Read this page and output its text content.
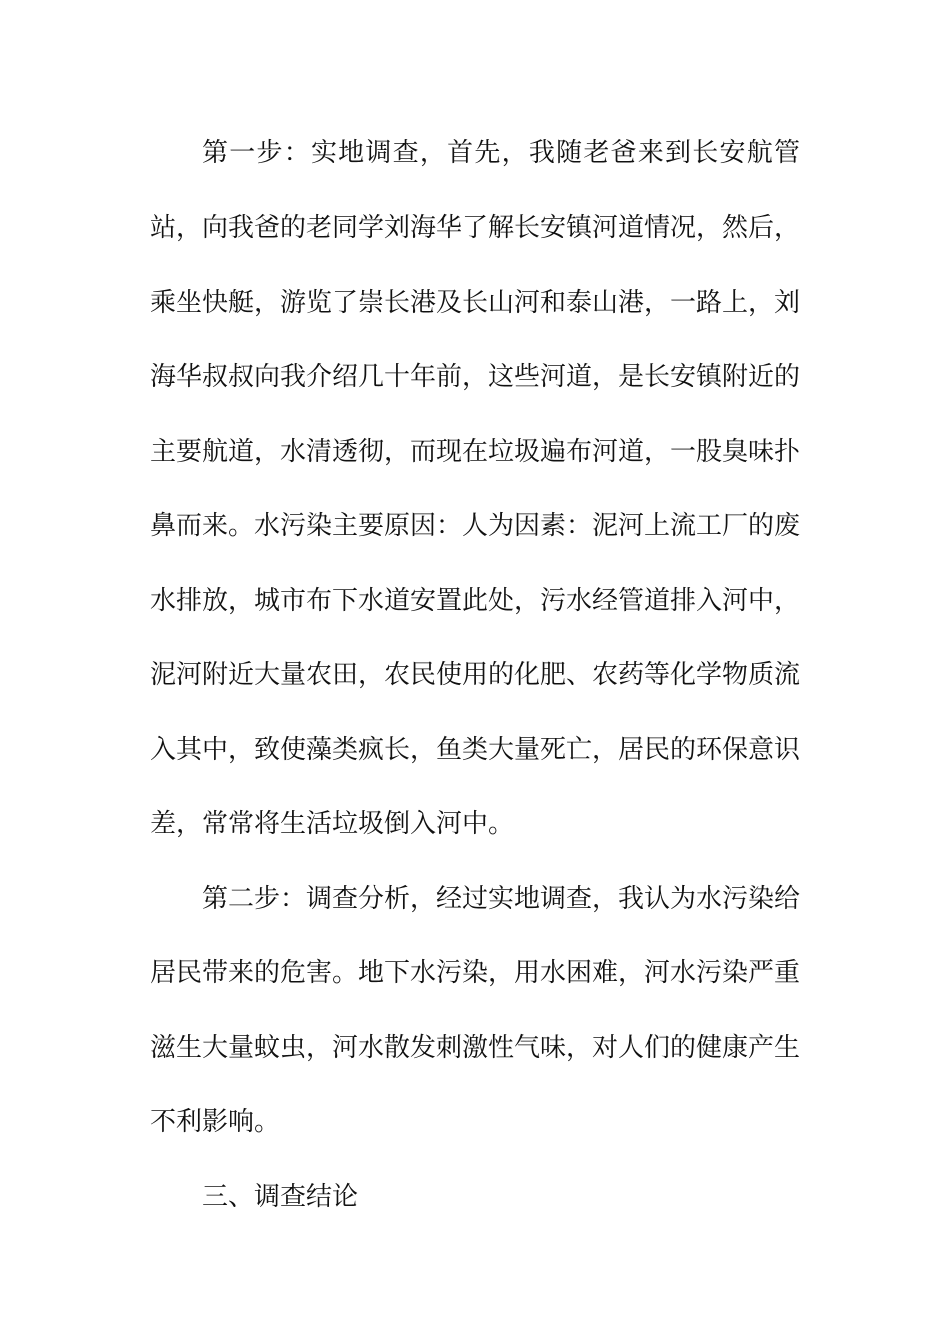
第一步：实地调查，首先，我随老爸来到长安航管
站，向我爸的老同学刘海华了解长安镇河道情况，然后，
乘坐快艇，游览了崇长港及长山河和泰山港，一路上，刘
海华叔叔向我介绍几十年前，这些河道，是长安镇附近的
主要航道，水清透彻，而现在垃圾遍布河道，一股臭味扑
鼻而来。水污染主要原因：人为因素：泥河上流工厂的废
水排放，城市布下水道安置此处，污水经管道排入河中，
泥河附近大量农田，农民使用的化肥、农药等化学物质流
入其中，致使藻类疯长，鱼类大量死亡，居民的环保意识
差，常常将生活垃圾倒入河中。
第二步：调查分析，经过实地调查，我认为水污染给
居民带来的危害。地下水污染，用水困难，河水污染严重
滋生大量蚊虫，河水散发刺激性气味，对人们的健康产生
不利影响。
三、调查结论
